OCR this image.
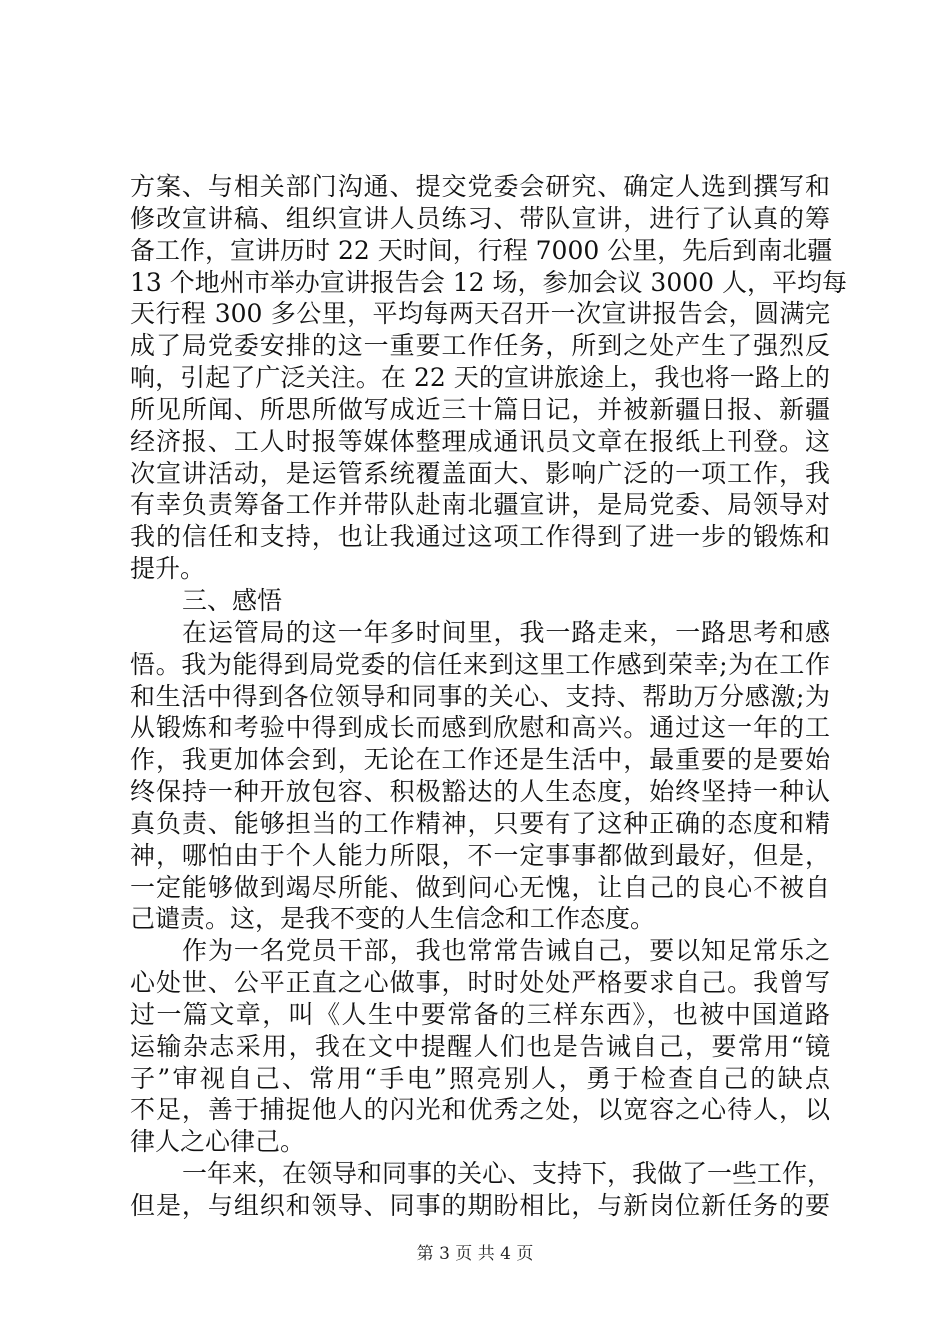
方案、与相关部门沟通、提交党委会研究、确定人选到撰写和
修改宣讲稿、组织宣讲人员练习、带队宣讲，进行了认真的筹
备工作，宣讲历时 22 天时间，行程 7000 公里，先后到南北疆
13 个地州市举办宣讲报告会 12 场，参加会议 3000 人，平均每
天行程 300 多公里，平均每两天召开一次宣讲报告会，圆满完
成了局党委安排的这一重要工作任务，所到之处产生了强烈反
响，引起了广泛关注。在 22 天的宣讲旅途上，我也将一路上的
所见所闻、所思所做写成近三十篇日记，并被新疆日报、新疆
经济报、工人时报等媒体整理成通讯员文章在报纸上刊登。这
次宣讲活动，是运管系统覆盖面大、影响广泛的一项工作，我
有幸负责筹备工作并带队赴南北疆宣讲，是局党委、局领导对
我的信任和支持，也让我通过这项工作得到了进一步的锻炼和
提升。
三、感悟
在运管局的这一年多时间里，我一路走来，一路思考和感
悟。我为能得到局党委的信任来到这里工作感到荣幸;为在工作
和生活中得到各位领导和同事的关心、支持、帮助万分感激;为
从锻炼和考验中得到成长而感到欣慰和高兴。通过这一年的工
作，我更加体会到，无论在工作还是生活中，最重要的是要始
终保持一种开放包容、积极豁达的人生态度，始终坚持一种认
真负责、能够担当的工作精神，只要有了这种正确的态度和精
神，哪怕由于个人能力所限，不一定事事都做到最好，但是，
一定能够做到竭尽所能、做到问心无愧，让自己的良心不被自
己谴责。这，是我不变的人生信念和工作态度。
作为一名党员干部，我也常常告诫自己，要以知足常乐之
心处世、公平正直之心做事，时时处处严格要求自己。我曾写
过一篇文章，叫《人生中要常备的三样东西》，也被中国道路
运输杂志采用，我在文中提醒人们也是告诫自己，要常用“镜
子”审视自己、常用“手电”照亮别人，勇于检查自己的缺点
不足，善于捕捉他人的闪光和优秀之处，以宽容之心待人，以
律人之心律己。
一年来，在领导和同事的关心、支持下，我做了一些工作，
但是，与组织和领导、同事的期盼相比，与新岗位新任务的要
第 3 页 共 4 页
